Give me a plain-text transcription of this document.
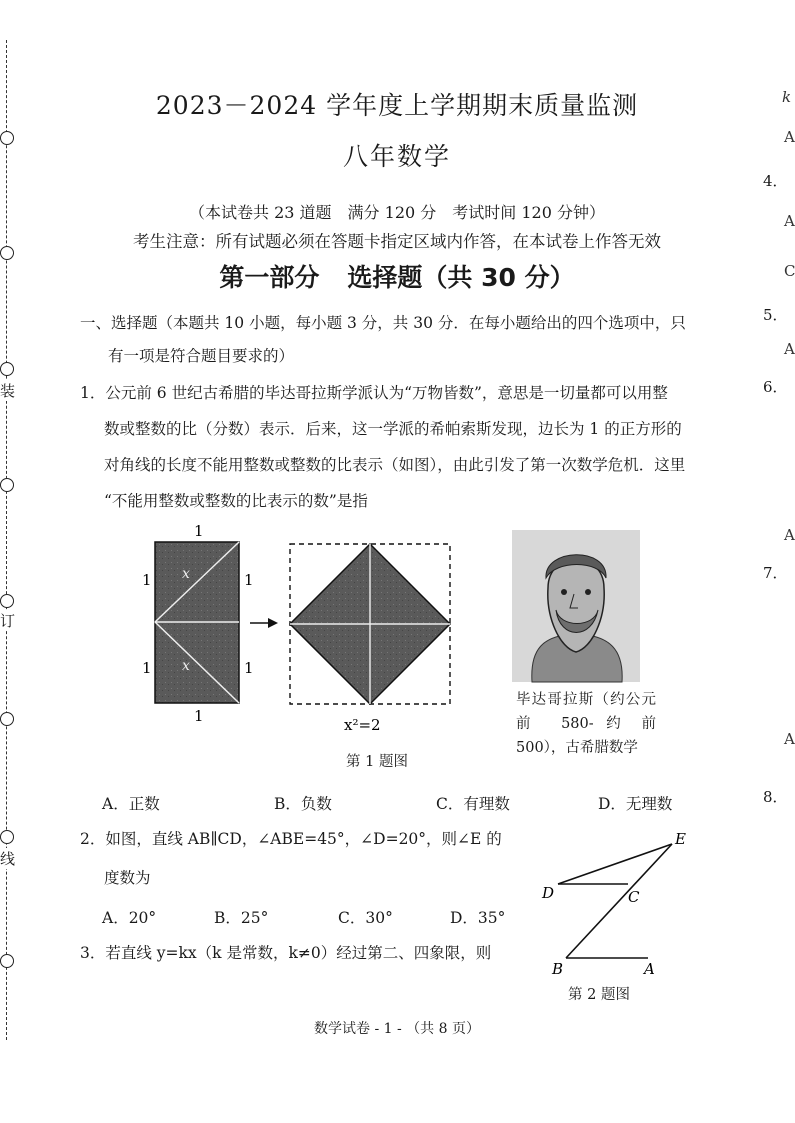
装
订
线
2023－2024 学年度上学期期末质量监测
八年数学
（本试卷共 23 道题　满分 120 分　考试时间 120 分钟）
考生注意：所有试题必须在答题卡指定区域内作答，在本试卷上作答无效
第一部分 选择题（共 30 分）
一、选择题（本题共 10 小题，每小题 3 分，共 30 分．在每小题给出的四个选项中，只
有一项是符合题目要求的）
1．公元前 6 世纪古希腊的毕达哥拉斯学派认为“万物皆数”，意思是一切量都可以用整
数或整数的比（分数）表示．后来，这一学派的希帕索斯发现，边长为 1 的正方形的
对角线的长度不能用整数或整数的比表示（如图），由此引发了第一次数学危机．这里
“不能用整数或整数的比表示的数”是指
1
1	1
1	1
1
x
x
x²=2
第 1 题图
毕达哥拉斯（约公元前　580- 约 前 500），古希腊数学
A．正数	B．负数	C．有理数	D．无理数
2．如图，直线 AB∥CD，∠ABE=45°，∠D=20°，则∠E 的
度数为
A．20°	B．25°	C．30°	D．35°
E
D	C
B	A
第 2 题图
3．若直线 y=kx（k 是常数，k≠0）经过第二、四象限，则
数学试卷 - 1 - （共 8 页）
k
A
4．
A
C
5．
A
6．
A
7．
A
8．
